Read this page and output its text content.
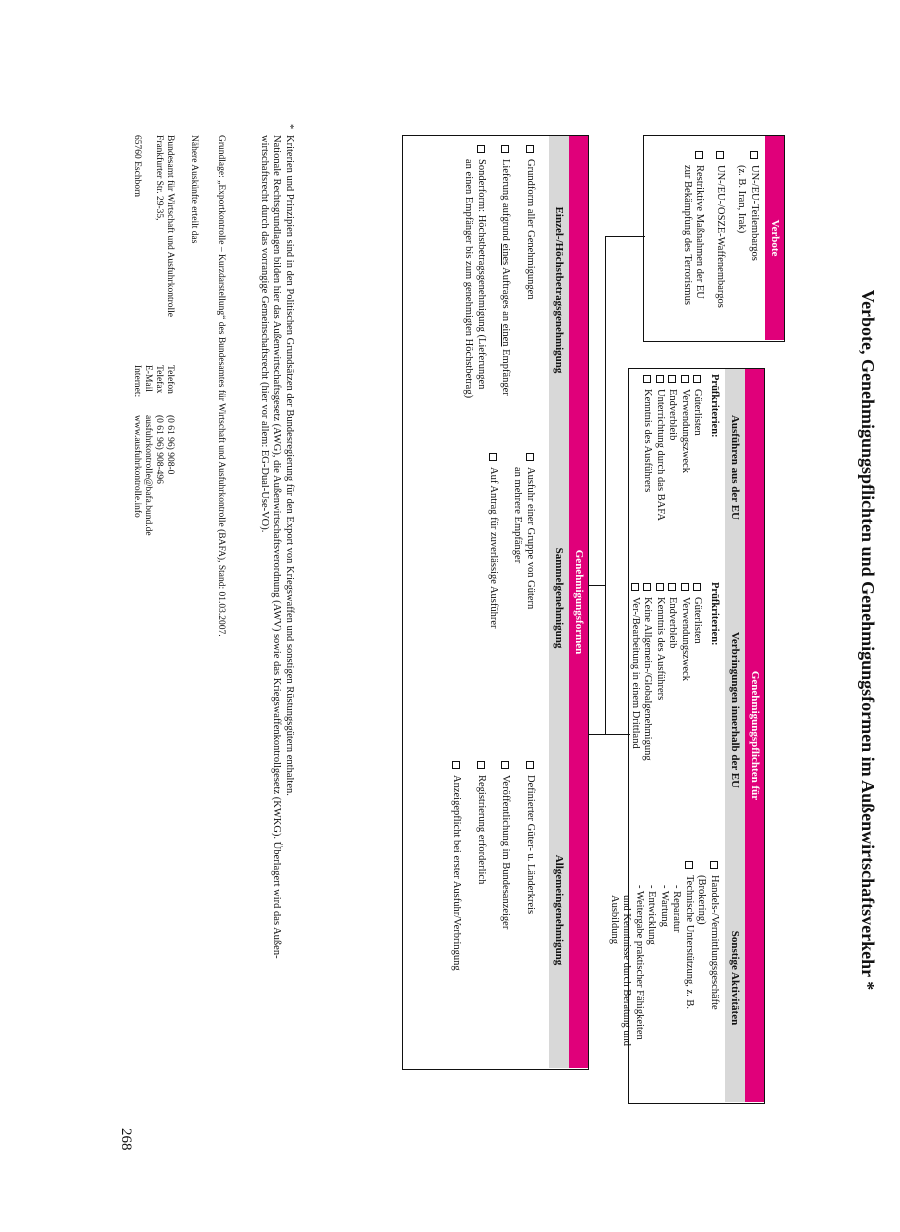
Verbote, Genehmigungspflichten und Genehmigungsformen im Außenwirtschaftsverkehr *
Verbote
UN-/EU-Teilembargos
(z. B. Iran, Irak)
UN-/EU-/OSZE-Waffenembargos
Restriktive Maßnahmen der EU
zur Bekämpfung des Terrorismus
Genehmigungspflichten für
Ausführen aus der EU
Verbringungen innerhalb der EU
Sonstige Aktivitäten
Prüfkriterien:
Güterlisten
Verwendungszweck
Endverbleib
Unterrichtung durch das BAFA
Kenntnis des Ausführers
Prüfkriterien:
Güterlisten
Verwendungszweck
Endverbleib
Kenntnis des Ausführers
Keine Allgemein-/Globalgenehmigung
Ver-/Bearbeitung in einem Drittland
Handels-/Vermittlungsgeschäfte
(Brokering)
Technische Unterstützung, z. B.
- Reparatur
- Wartung
- Entwicklung
- Weitergabe praktischer Fähigkeiten
und Kenntnisse durch Beratung und
Ausbildung
Genehmigungsformen
Einzel-/Höchstbetragsgenehmigung
Sammelgenehmigung
Allgemeingenehmigung
Grundform aller Genehmigungen
Lieferung aufgrund eines Auftrages an einen Empfänger
Sonderform: Höchstbetragsgenehmigung (Lieferungen
an einen Empfänger bis zum genehmigten Höchstbetrag)
Ausfuhr einer Gruppe von Gütern
an mehrere Empfänger
Auf Antrag für zuverlässige Ausführer
Definierter Güter- u. Länderkreis
Veröffentlichung im Bundesanzeiger
Registrierung erforderlich
Anzeigepflicht bei erster Ausfuhr/Verbringung
*
Kriterien und Prinzipien sind in den Politischen Grundsätzen der Bundesregierung für den Export von Kriegswaffen und sonstigen Rüstungsgütern enthalten.
Nationale Rechtsgrundlagen bilden hier das Außenwirtschaftsgesetz (AWG), die Außenwirtschaftsverordnung (AWV) sowie das Kriegswaffenkontrollgesetz (KWKG). Überlagert wird das Außen-
wirtschaftsrecht durch das vorrangige Gemeinschaftsrecht (hier vor allem: EG-Dual-Use-VO).
Grundlage: „Exportkontrolle – Kurzdarstellung“ des Bundesamtes für Wirtschaft und Ausfuhrkontrolle (BAFA), Stand: 01.03.2007.
Nähere Auskünfte erteilt das
Bundesamt für Wirtschaft und Ausfuhrkontrolle
Frankfurter Str. 29-35,
65760 Eschborn
Telefon
Telefax
E-Mail
Internet:
(0 61 96) 908-0
(0 61 96) 908-496
ausfuhrkontrolle@bafa.bund.de
www.ausfuhrkontrolle.info
268
